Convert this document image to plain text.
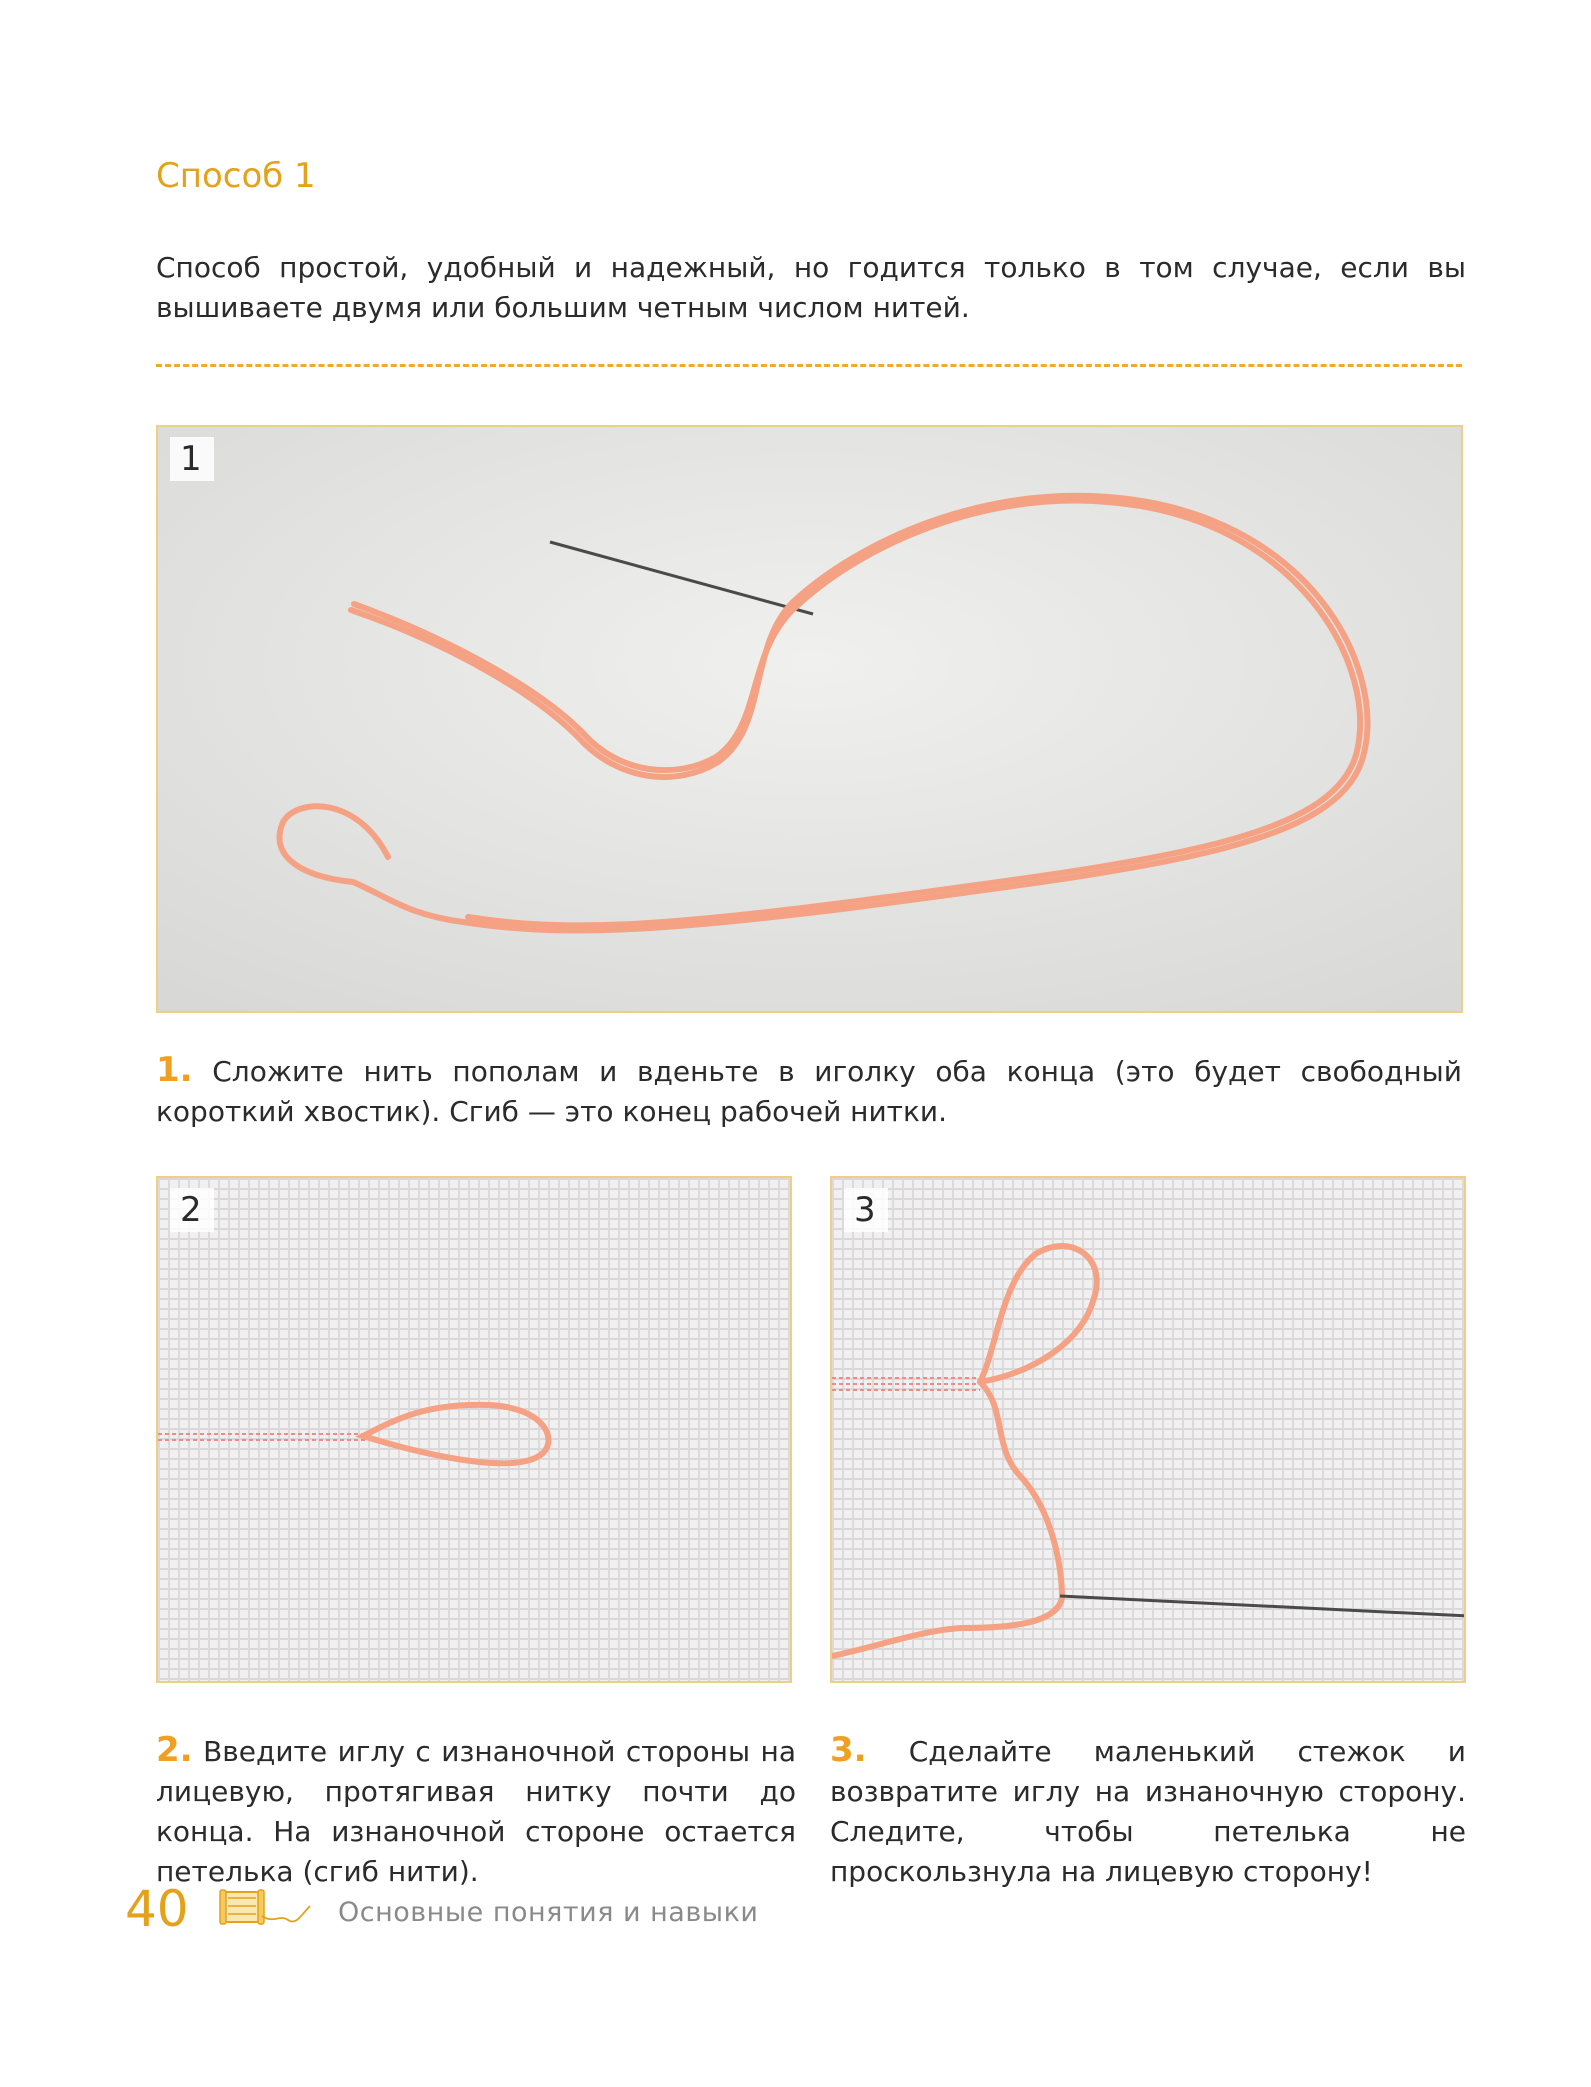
Способ 1
Способ простой, удобный и надежный, но годится только в том случае, если вы вышиваете двумя или большим четным числом нитей.
1
1. Сложите нить пополам и вденьте в иголку оба конца (это будет свободный короткий хвостик). Сгиб — это конец рабочей нитки.
2
2. Введите иглу с изнаночной стороны на лицевую, протягивая нитку почти до конца. На изнаночной стороне остается петелька (сгиб нити).
3
3. Сделайте маленький стежок и возвратите иглу на изнаночную сторону. Следите, чтобы петелька не проскользнула на лицевую сторону!
40	Основные понятия и навыки
